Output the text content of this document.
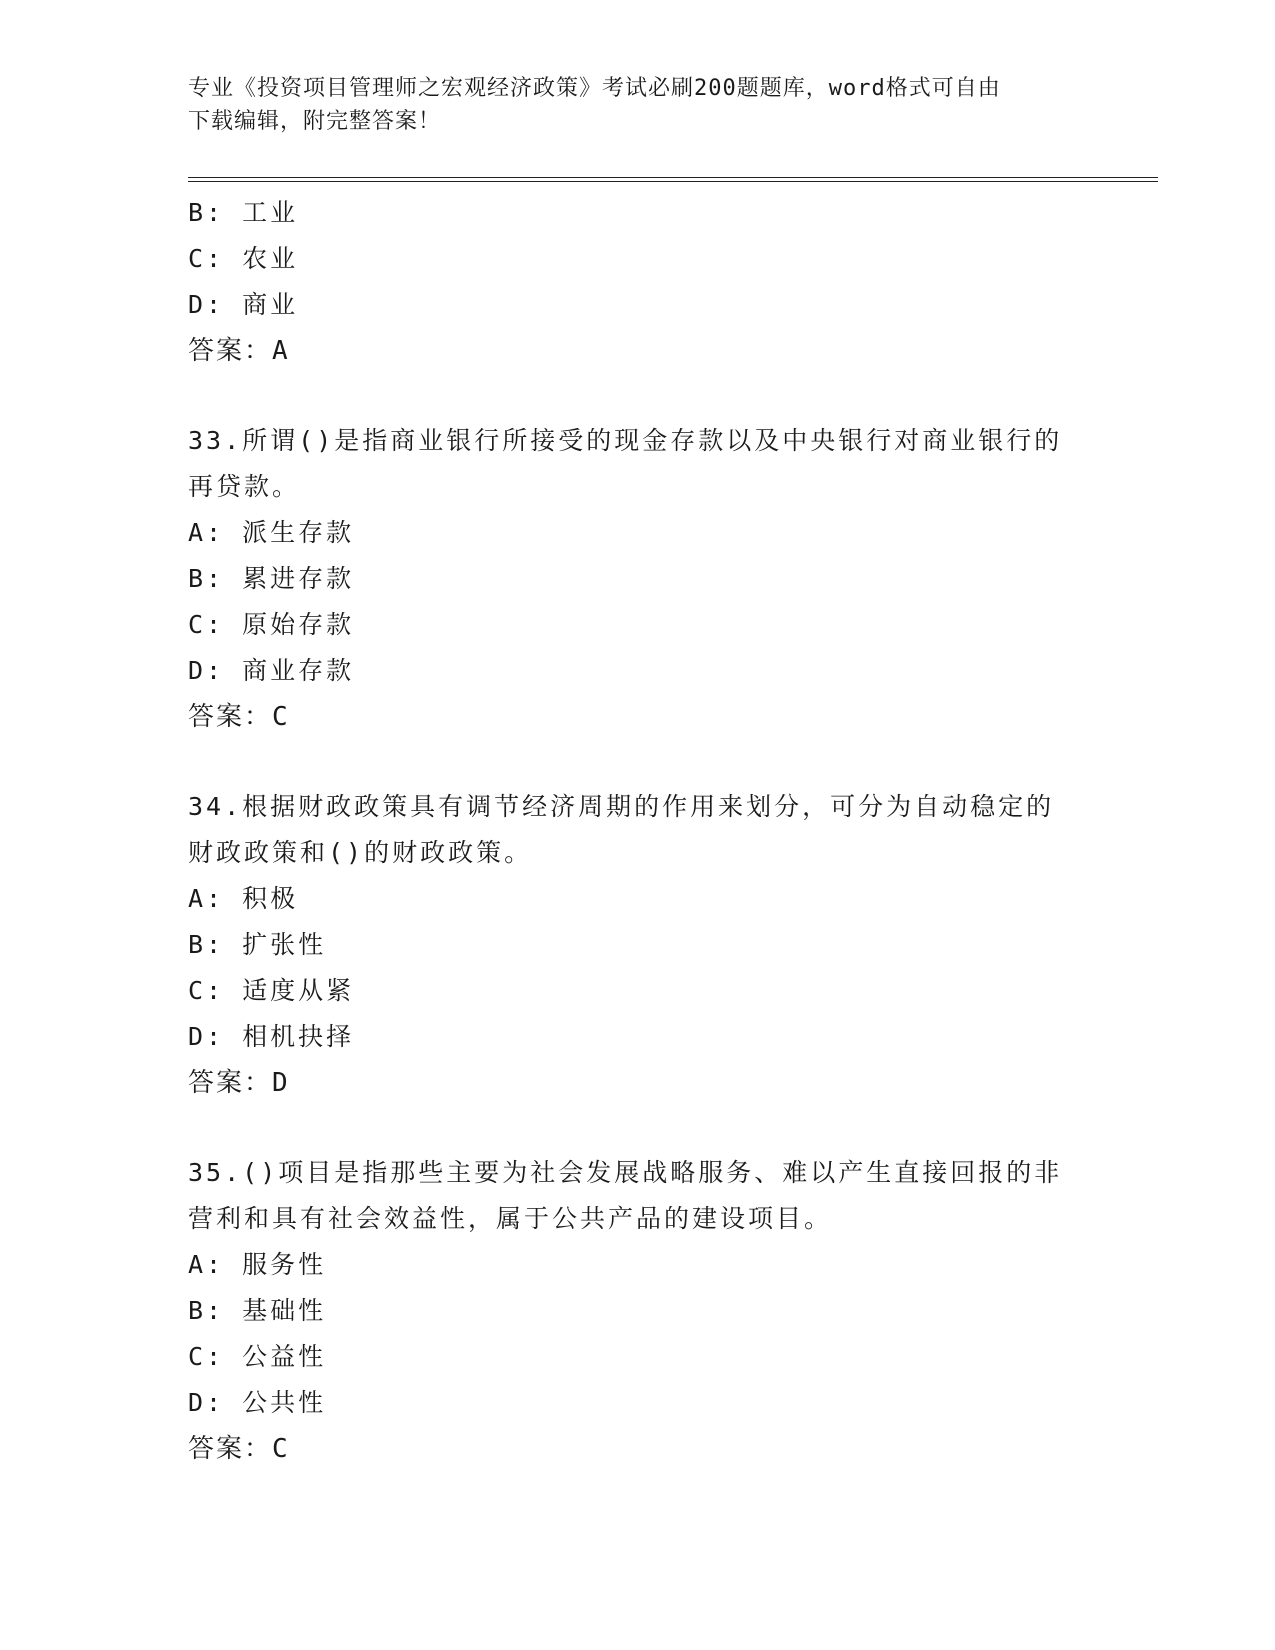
专业《投资项目管理师之宏观经济政策》考试必刷200题题库，word格式可自由
下载编辑，附完整答案！
B: 工业
C: 农业
D: 商业
答案：A
33.所谓()是指商业银行所接受的现金存款以及中央银行对商业银行的
再贷款。
A: 派生存款
B: 累进存款
C: 原始存款
D: 商业存款
答案：C
34.根据财政政策具有调节经济周期的作用来划分，可分为自动稳定的
财政政策和()的财政政策。
A: 积极
B: 扩张性
C: 适度从紧
D: 相机抉择
答案：D
35.()项目是指那些主要为社会发展战略服务、难以产生直接回报的非
营利和具有社会效益性，属于公共产品的建设项目。
A: 服务性
B: 基础性
C: 公益性
D: 公共性
答案：C
